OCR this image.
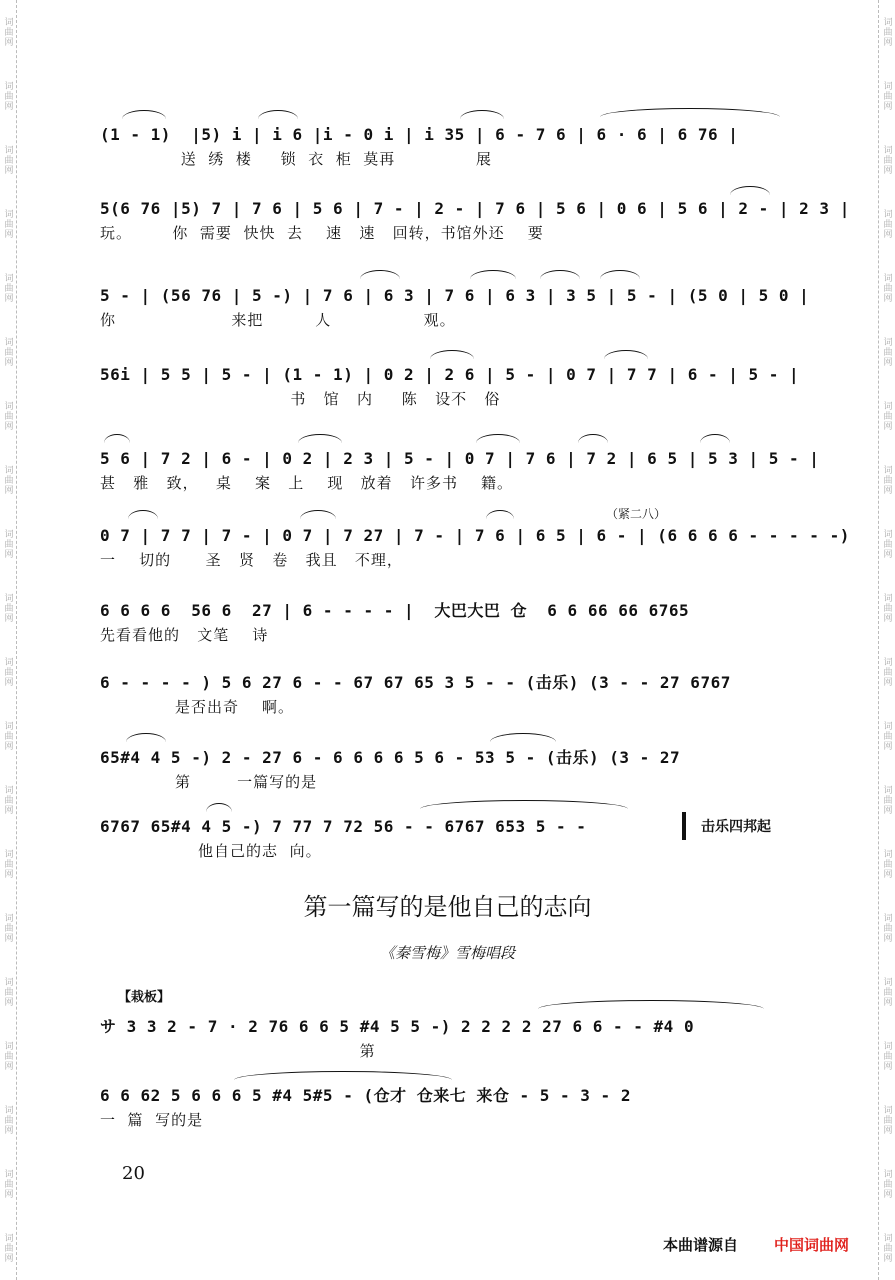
词曲网
词曲网
词曲网
词曲网
词曲网
词曲网
词曲网
词曲网
词曲网
词曲网
词曲网
词曲网
词曲网
词曲网
词曲网
词曲网
词曲网
词曲网
词曲网
词曲网
词曲网
词曲网
词曲网
词曲网
词曲网
词曲网
词曲网
词曲网
词曲网
词曲网
词曲网
词曲网
词曲网
词曲网
词曲网
词曲网
词曲网
词曲网
词曲网
词曲网
(1 - 1)  |5) i | i 6 |i - 0 i | i 35 | 6 - 7 6 | 6 · 6 | 6 76 |
送  绣  楼     锁  衣  柜  莫再              展
5(6 76 |5) 7 | 7 6 | 5 6 | 7 - | 2 - | 7 6 | 5 6 | 0 6 | 5 6 | 2 - | 2 3 |
玩。       你  需要  快快  去    速   速   回转，书馆外还    要
5 - | (56 76 | 5 -) | 7 6 | 6 3 | 7 6 | 6 3 | 3 5 | 5 - | (5 0 | 5 0 |
你                    来把         人                观。
56i | 5 5 | 5 - | (1 - 1) | 0 2 | 2 6 | 5 - | 0 7 | 7 7 | 6 - | 5 - |
书   馆   内     陈   设不   俗
5 6 | 7 2 | 6 - | 0 2 | 2 3 | 5 - | 0 7 | 7 6 | 7 2 | 6 5 | 5 3 | 5 - |
甚   雅   致，   桌    案   上    现   放着   许多书    籍。
0 7 | 7 7 | 7 - | 0 7 | 7 27 | 7 - | 7 6 | 6 5 | 6 - | (6 6 6 6 - - - - -)
一    切的      圣   贤   卷   我且   不理，
6 6 6 6  56 6  27 | 6 - - - - |  大巴大巴 仓  6 6 66 66 6765
先看看他的   文笔    诗
6 - - - - ) 5 6 27 6 - - 67 67 65 3 5 - - (击乐) (3 - - 27 6767
是否出奇    啊。
65#4 4 5 -) 2 - 27 6 - 6 6 6 6 5 6 - 53 5 - (击乐) (3 - 27
第        一篇写的是
6767 65#4 4 5 -) 7 77 7 72 56 - - 6767 653 5 - -
他自己的志  向。
（紧二八）
击乐四邦起
第一篇写的是他自己的志向
《秦雪梅》雪梅唱段
【栽板】
サ 3 3 2 - 7 · 2 76 6 6 5 #4 5 5 -) 2 2 2 2 27 6 6 - - #4 0
第
6 6 62 5 6 6 6 5 #4 5#5 - (仓才 仓来七 来仓 - 5 - 3 - 2
一  篇  写的是
20
本曲谱源自 中国词曲网
